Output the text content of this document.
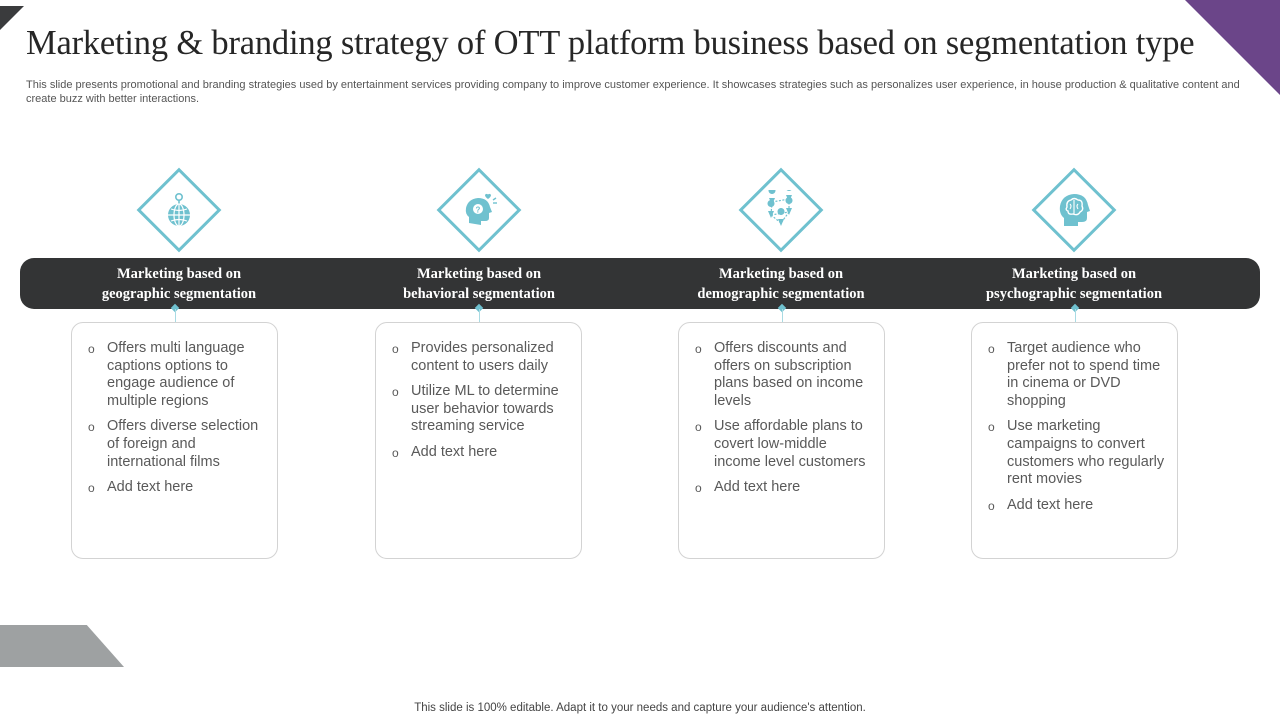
Marketing & branding strategy of OTT platform business based on segmentation type

This slide presents promotional and branding strategies used by entertainment services providing company to improve customer experience. It showcases strategies such as personalizes user experience, in house production & qualitative content and create buzz with better interactions.

Marketing based on
geographic segmentation
o Offers multi language captions options to engage audience of multiple regions
o Offers diverse selection of foreign and international films
o Add text here
?
Marketing based on
behavioral segmentation
o Provides personalized content to users daily
o Utilize ML to determine user behavior towards streaming service
o Add text here
Marketing based on
demographic segmentation
o Offers discounts and offers on subscription plans based on income levels
o Use affordable plans to covert low-middle income level customers
o Add text here
Marketing based on
psychographic segmentation
o Target audience who prefer not to spend time in cinema or DVD shopping
o Use marketing campaigns to convert customers who regularly rent movies
o Add text here
This slide is 100% editable. Adapt it to your needs and capture your audience's attention.
